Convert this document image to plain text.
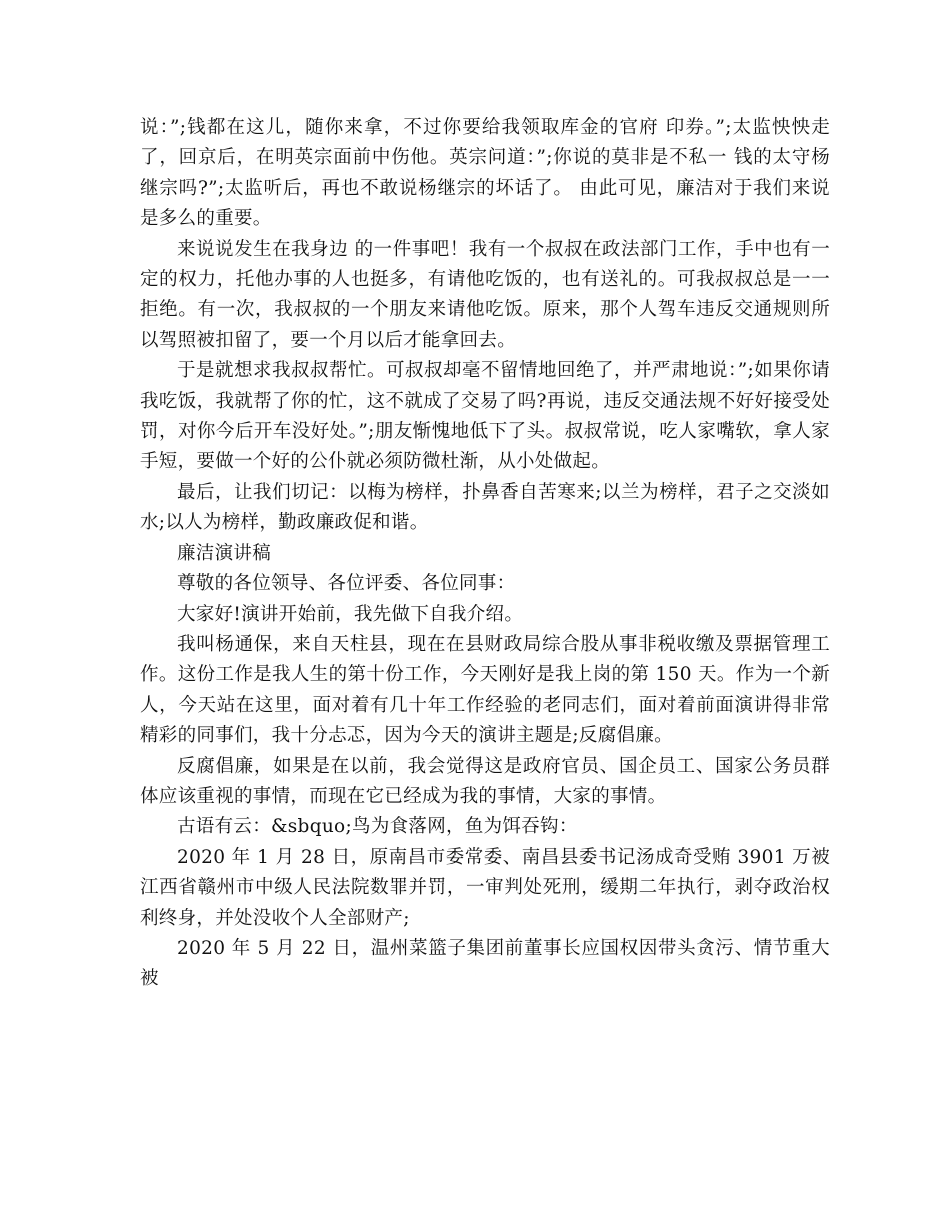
说：”;钱都在这儿，随你来拿，不过你要给我领取库金的官府 印券。”;太监怏怏走了，回京后，在明英宗面前中伤他。英宗问道：”;你说的莫非是不私一 钱的太守杨继宗吗?”;太监听后，再也不敢说杨继宗的坏话了。 由此可见，廉洁对于我们来说是多么的重要。

来说说发生在我身边 的一件事吧！我有一个叔叔在政法部门工作，手中也有一定的权力，托他办事的人也挺多，有请他吃饭的，也有送礼的。可我叔叔总是一一拒绝。有一次，我叔叔的一个朋友来请他吃饭。原来，那个人驾车违反交通规则所以驾照被扣留了，要一个月以后才能拿回去。

于是就想求我叔叔帮忙。可叔叔却毫不留情地回绝了，并严肃地说：”;如果你请我吃饭，我就帮了你的忙，这不就成了交易了吗?再说，违反交通法规不好好接受处罚，对你今后开车没好处。”;朋友惭愧地低下了头。叔叔常说，吃人家嘴软，拿人家手短，要做一个好的公仆就必须防微杜渐，从小处做起。

最后，让我们切记：以梅为榜样，扑鼻香自苦寒来;以兰为榜样，君子之交淡如水;以人为榜样，勤政廉政促和谐。

廉洁演讲稿

尊敬的各位领导、各位评委、各位同事：

大家好!演讲开始前，我先做下自我介绍。

我叫杨通保，来自天柱县，现在在县财政局综合股从事非税收缴及票据管理工作。这份工作是我人生的第十份工作，今天刚好是我上岗的第 150 天。作为一个新人，今天站在这里，面对着有几十年工作经验的老同志们，面对着前面演讲得非常精彩的同事们，我十分忐忑，因为今天的演讲主题是;反腐倡廉。

反腐倡廉，如果是在以前，我会觉得这是政府官员、国企员工、国家公务员群体应该重视的事情，而现在它已经成为我的事情，大家的事情。

古语有云：&sbquo;鸟为食落网，鱼为饵吞钩：

2020 年 1 月 28 日，原南昌市委常委、南昌县委书记汤成奇受贿 3901 万被江西省赣州市中级人民法院数罪并罚，一审判处死刑，缓期二年执行，剥夺政治权利终身，并处没收个人全部财产;

2020 年 5 月 22 日，温州菜篮子集团前董事长应国权因带头贪污、情节重大被
